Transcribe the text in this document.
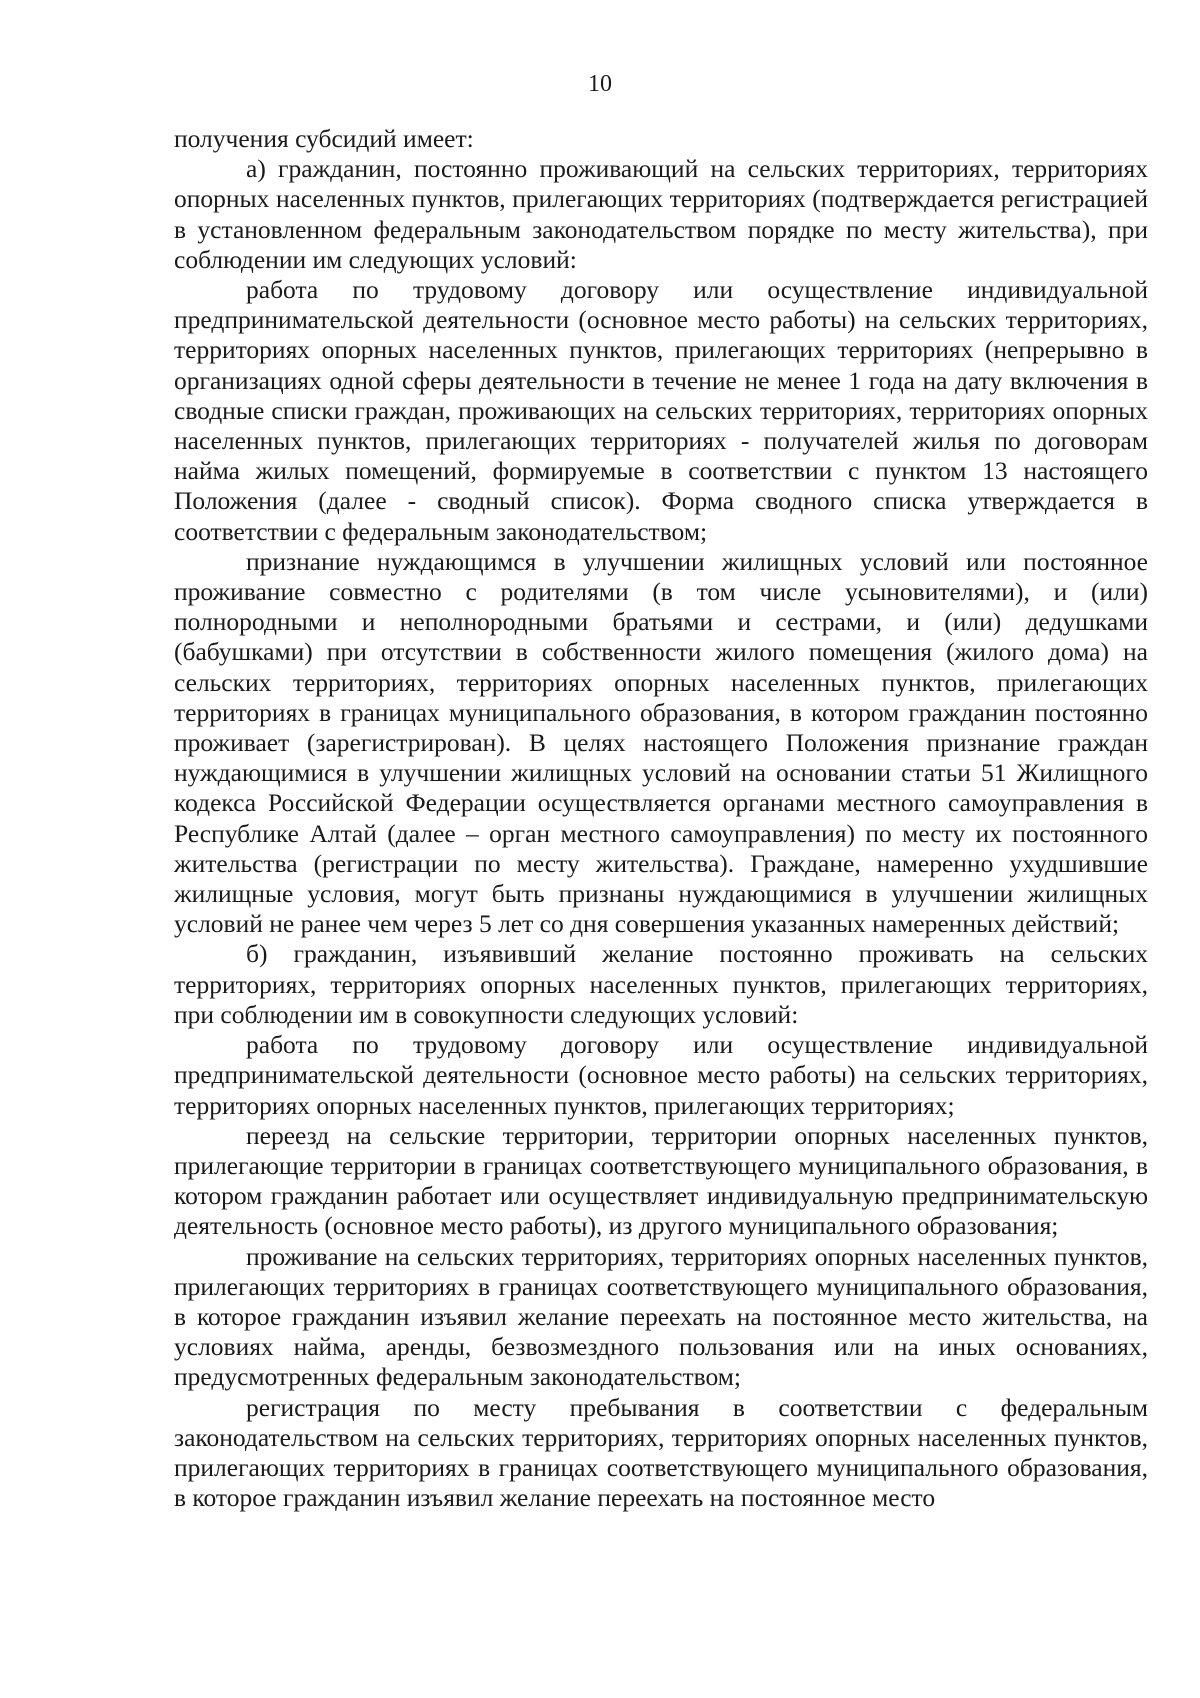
10

получения субсидий имеет:

а) гражданин, постоянно проживающий на сельских территориях, территориях опорных населенных пунктов, прилегающих территориях (подтверждается регистрацией в установленном федеральным законодательством порядке по месту жительства), при соблюдении им следующих условий:

работа по трудовому договору или осуществление индивидуальной предпринимательской деятельности (основное место работы) на сельских территориях, территориях опорных населенных пунктов, прилегающих территориях (непрерывно в организациях одной сферы деятельности в течение не менее 1 года на дату включения в сводные списки граждан, проживающих на сельских территориях, территориях опорных населенных пунктов, прилегающих территориях - получателей жилья по договорам найма жилых помещений, формируемые в соответствии с пунктом 13 настоящего Положения (далее - сводный список). Форма сводного списка утверждается в соответствии с федеральным законодательством;

признание нуждающимся в улучшении жилищных условий или постоянное проживание совместно с родителями (в том числе усыновителями), и (или) полнородными и неполнородными братьями и сестрами, и (или) дедушками (бабушками) при отсутствии в собственности жилого помещения (жилого дома) на сельских территориях, территориях опорных населенных пунктов, прилегающих территориях в границах муниципального образования, в котором гражданин постоянно проживает (зарегистрирован). В целях настоящего Положения признание граждан нуждающимися в улучшении жилищных условий на основании статьи 51 Жилищного кодекса Российской Федерации осуществляется органами местного самоуправления в Республике Алтай (далее – орган местного самоуправления) по месту их постоянного жительства (регистрации по месту жительства). Граждане, намеренно ухудшившие жилищные условия, могут быть признаны нуждающимися в улучшении жилищных условий не ранее чем через 5 лет со дня совершения указанных намеренных действий;

б) гражданин, изъявивший желание постоянно проживать на сельских территориях, территориях опорных населенных пунктов, прилегающих территориях, при соблюдении им в совокупности следующих условий:

работа по трудовому договору или осуществление индивидуальной предпринимательской деятельности (основное место работы) на сельских территориях, территориях опорных населенных пунктов, прилегающих территориях;

переезд на сельские территории, территории опорных населенных пунктов, прилегающие территории в границах соответствующего муниципального образования, в котором гражданин работает или осуществляет индивидуальную предпринимательскую деятельность (основное место работы), из другого муниципального образования;

проживание на сельских территориях, территориях опорных населенных пунктов, прилегающих территориях в границах соответствующего муниципального образования, в которое гражданин изъявил желание переехать на постоянное место жительства, на условиях найма, аренды, безвозмездного пользования или на иных основаниях, предусмотренных федеральным законодательством;

регистрация по месту пребывания в соответствии с федеральным законодательством на сельских территориях, территориях опорных населенных пунктов, прилегающих территориях в границах соответствующего муниципального образования, в которое гражданин изъявил желание переехать на постоянное место
